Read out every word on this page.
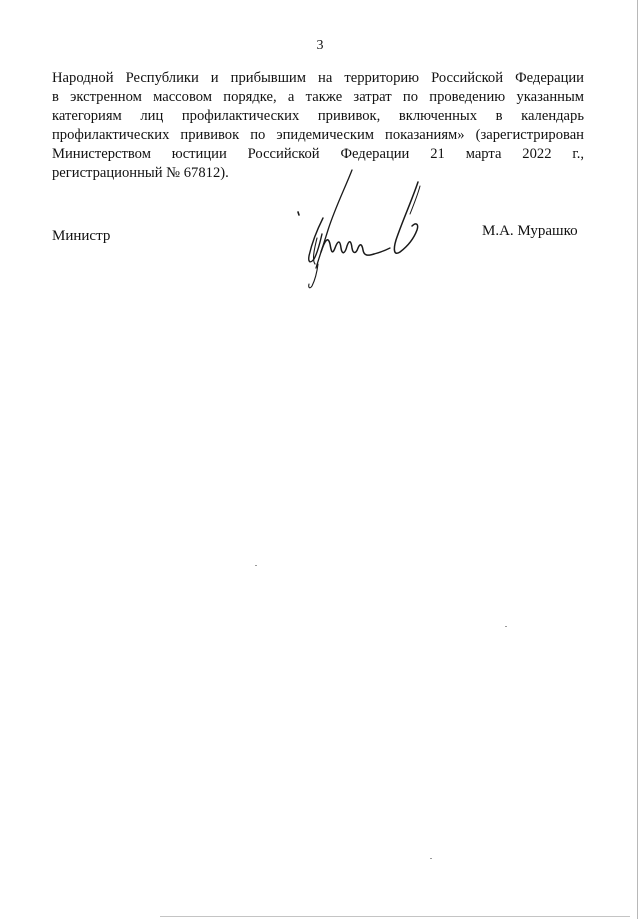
3
Народной Республики и прибывшим на территорию Российской Федерации
в экстренном массовом порядке, а также затрат по проведению указанным
категориям лиц профилактических прививок, включенных в календарь
профилактических прививок по эпидемическим показаниям» (зарегистрирован
Министерством юстиции Российской Федерации 21 марта 2022 г.,
регистрационный № 67812).
Министр	М.А. Мурашко
